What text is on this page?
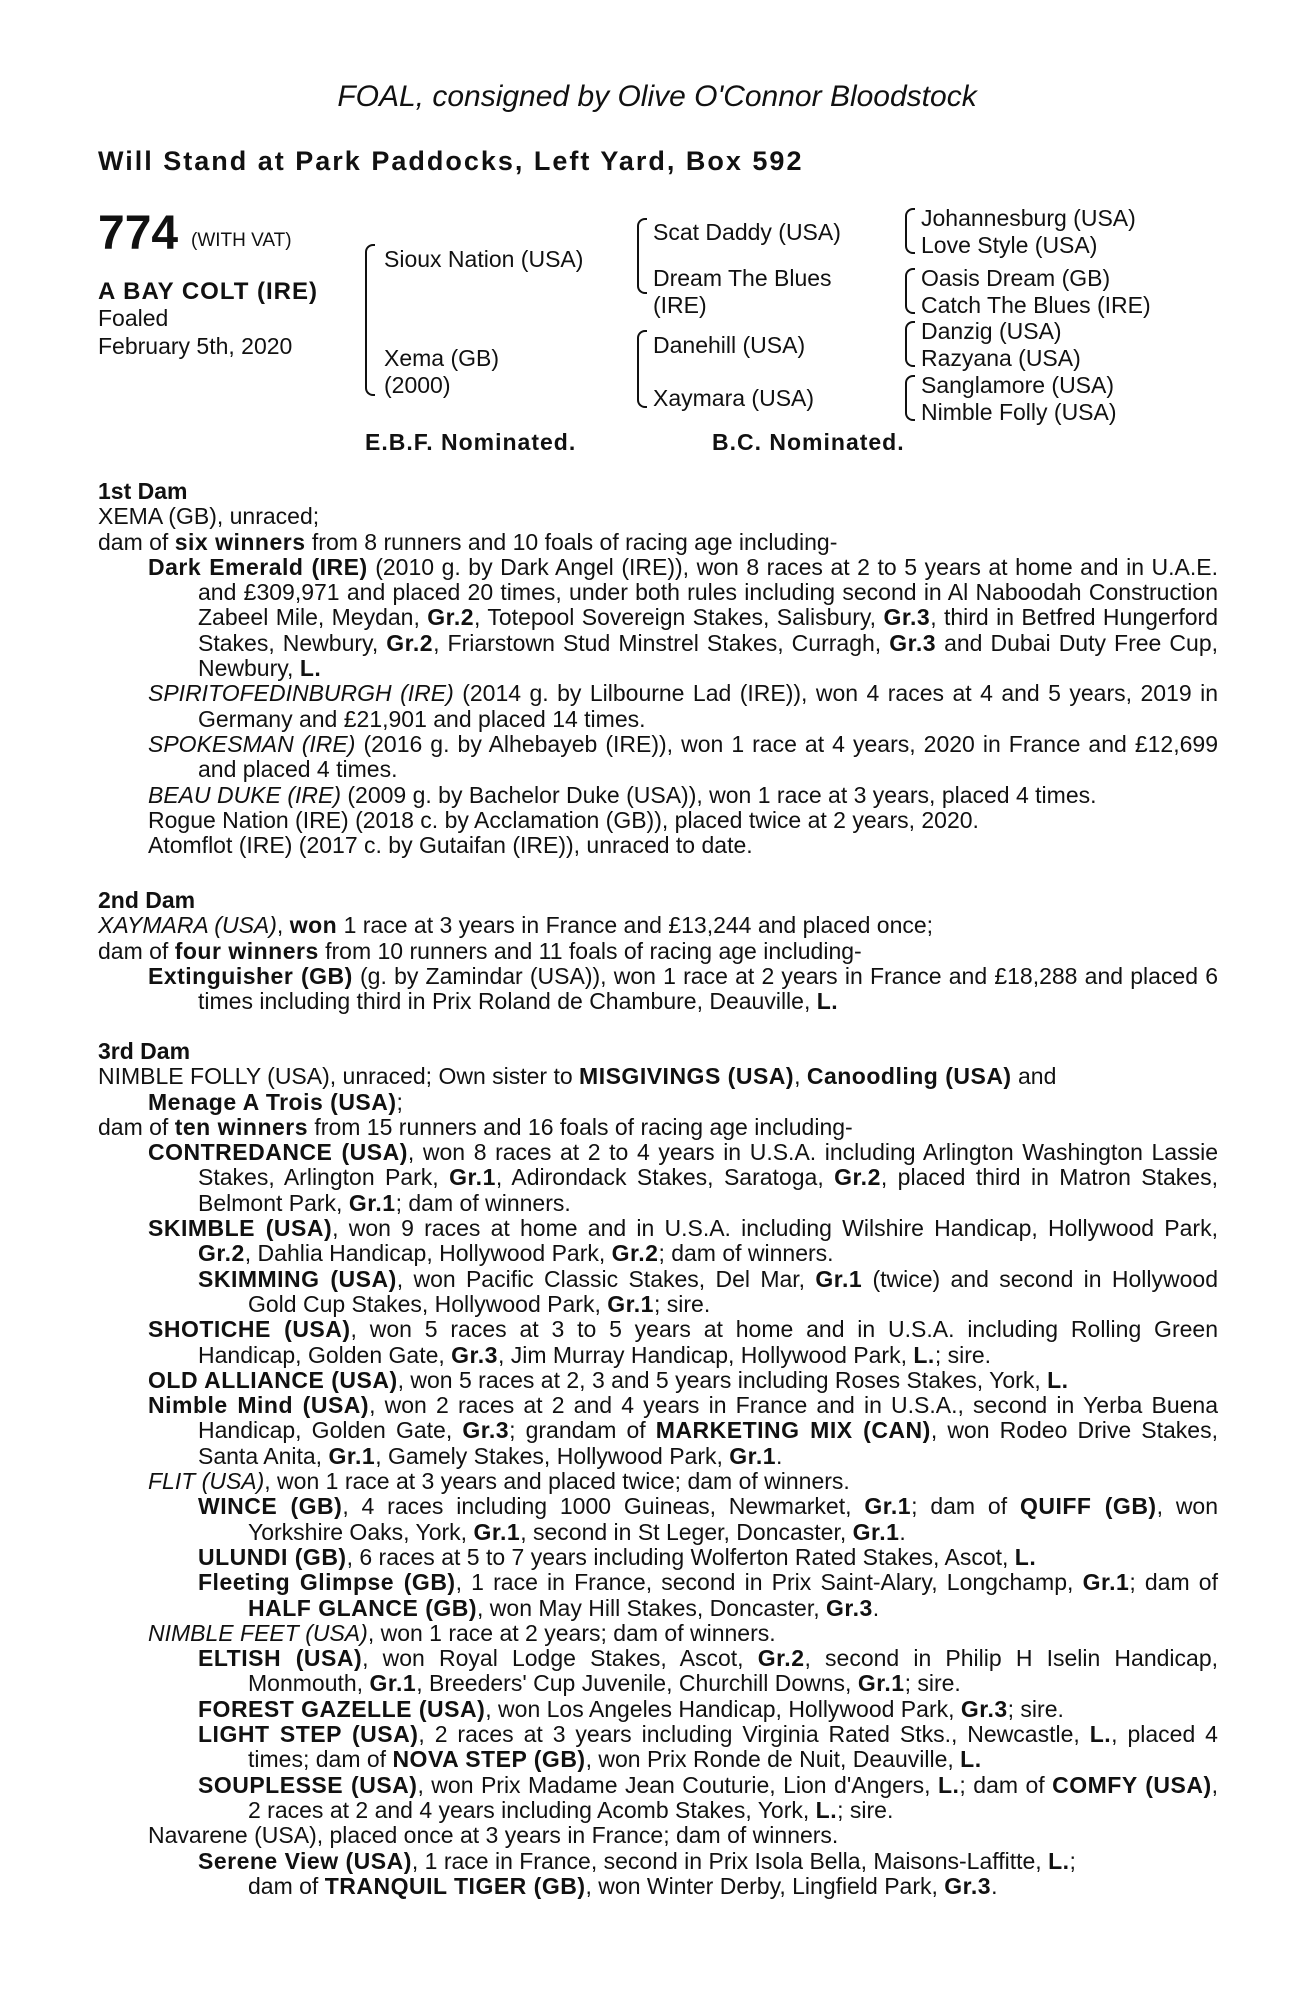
FOAL, consigned by Olive O'Connor Bloodstock
Will Stand at Park Paddocks, Left Yard, Box 592
774 (WITH VAT)
A BAY COLT (IRE)
Foaled
February 5th, 2020
Sioux Nation (USA)
Xema (GB)
(2000)
Scat Daddy (USA)
Dream The Blues
(IRE)
Danehill (USA)
Xaymara (USA)
Johannesburg (USA)
Love Style (USA)
Oasis Dream (GB)
Catch The Blues (IRE)
Danzig (USA)
Razyana (USA)
Sanglamore (USA)
Nimble Folly (USA)
E.B.F. Nominated.	B.C. Nominated.

1st Dam

XEMA (GB), unraced;

dam of six winners from 8 runners and 10 foals of racing age including-

Dark Emerald (IRE) (2010 g. by Dark Angel (IRE)), won 8 races at 2 to 5 years at home and in U.A.E. and £309,971 and placed 20 times, under both rules including second in Al Naboodah Construction Zabeel Mile, Meydan, Gr.2, Totepool Sovereign Stakes, Salisbury, Gr.3, third in Betfred Hungerford Stakes, Newbury, Gr.2, Friarstown Stud Minstrel Stakes, Curragh, Gr.3 and Dubai Duty Free Cup, Newbury, L.

SPIRITOFEDINBURGH (IRE) (2014 g. by Lilbourne Lad (IRE)), won 4 races at 4 and 5 years, 2019 in Germany and £21,901 and placed 14 times.

SPOKESMAN (IRE) (2016 g. by Alhebayeb (IRE)), won 1 race at 4 years, 2020 in France and £12,699 and placed 4 times.

BEAU DUKE (IRE) (2009 g. by Bachelor Duke (USA)), won 1 race at 3 years, placed 4 times.

Rogue Nation (IRE) (2018 c. by Acclamation (GB)), placed twice at 2 years, 2020.

Atomflot (IRE) (2017 c. by Gutaifan (IRE)), unraced to date.

2nd Dam

XAYMARA (USA), won 1 race at 3 years in France and £13,244 and placed once;

dam of four winners from 10 runners and 11 foals of racing age including-

Extinguisher (GB) (g. by Zamindar (USA)), won 1 race at 2 years in France and £18,288 and placed 6 times including third in Prix Roland de Chambure, Deauville, L.

3rd Dam

NIMBLE FOLLY (USA), unraced; Own sister to MISGIVINGS (USA), Canoodling (USA) and
Menage A Trois (USA);

dam of ten winners from 15 runners and 16 foals of racing age including-

CONTREDANCE (USA), won 8 races at 2 to 4 years in U.S.A. including Arlington Washington Lassie Stakes, Arlington Park, Gr.1, Adirondack Stakes, Saratoga, Gr.2, placed third in Matron Stakes, Belmont Park, Gr.1; dam of winners.

SKIMBLE (USA), won 9 races at home and in U.S.A. including Wilshire Handicap, Hollywood Park, Gr.2, Dahlia Handicap, Hollywood Park, Gr.2; dam of winners.

SKIMMING (USA), won Pacific Classic Stakes, Del Mar, Gr.1 (twice) and second in Hollywood Gold Cup Stakes, Hollywood Park, Gr.1; sire.

SHOTICHE (USA), won 5 races at 3 to 5 years at home and in U.S.A. including Rolling Green Handicap, Golden Gate, Gr.3, Jim Murray Handicap, Hollywood Park, L.; sire.

OLD ALLIANCE (USA), won 5 races at 2, 3 and 5 years including Roses Stakes, York, L.

Nimble Mind (USA), won 2 races at 2 and 4 years in France and in U.S.A., second in Yerba Buena Handicap, Golden Gate, Gr.3; grandam of MARKETING MIX (CAN), won Rodeo Drive Stakes, Santa Anita, Gr.1, Gamely Stakes, Hollywood Park, Gr.1.

FLIT (USA), won 1 race at 3 years and placed twice; dam of winners.

WINCE (GB), 4 races including 1000 Guineas, Newmarket, Gr.1; dam of QUIFF (GB), won Yorkshire Oaks, York, Gr.1, second in St Leger, Doncaster, Gr.1.

ULUNDI (GB), 6 races at 5 to 7 years including Wolferton Rated Stakes, Ascot, L.

Fleeting Glimpse (GB), 1 race in France, second in Prix Saint-Alary, Longchamp, Gr.1; dam of HALF GLANCE (GB), won May Hill Stakes, Doncaster, Gr.3.

NIMBLE FEET (USA), won 1 race at 2 years; dam of winners.

ELTISH (USA), won Royal Lodge Stakes, Ascot, Gr.2, second in Philip H Iselin Handicap, Monmouth, Gr.1, Breeders' Cup Juvenile, Churchill Downs, Gr.1; sire.

FOREST GAZELLE (USA), won Los Angeles Handicap, Hollywood Park, Gr.3; sire.

LIGHT STEP (USA), 2 races at 3 years including Virginia Rated Stks., Newcastle, L., placed 4 times; dam of NOVA STEP (GB), won Prix Ronde de Nuit, Deauville, L.

SOUPLESSE (USA), won Prix Madame Jean Couturie, Lion d'Angers, L.; dam of COMFY (USA), 2 races at 2 and 4 years including Acomb Stakes, York, L.; sire.

Navarene (USA), placed once at 3 years in France; dam of winners.

Serene View (USA), 1 race in France, second in Prix Isola Bella, Maisons-Laffitte, L.;
dam of TRANQUIL TIGER (GB), won Winter Derby, Lingfield Park, Gr.3.
